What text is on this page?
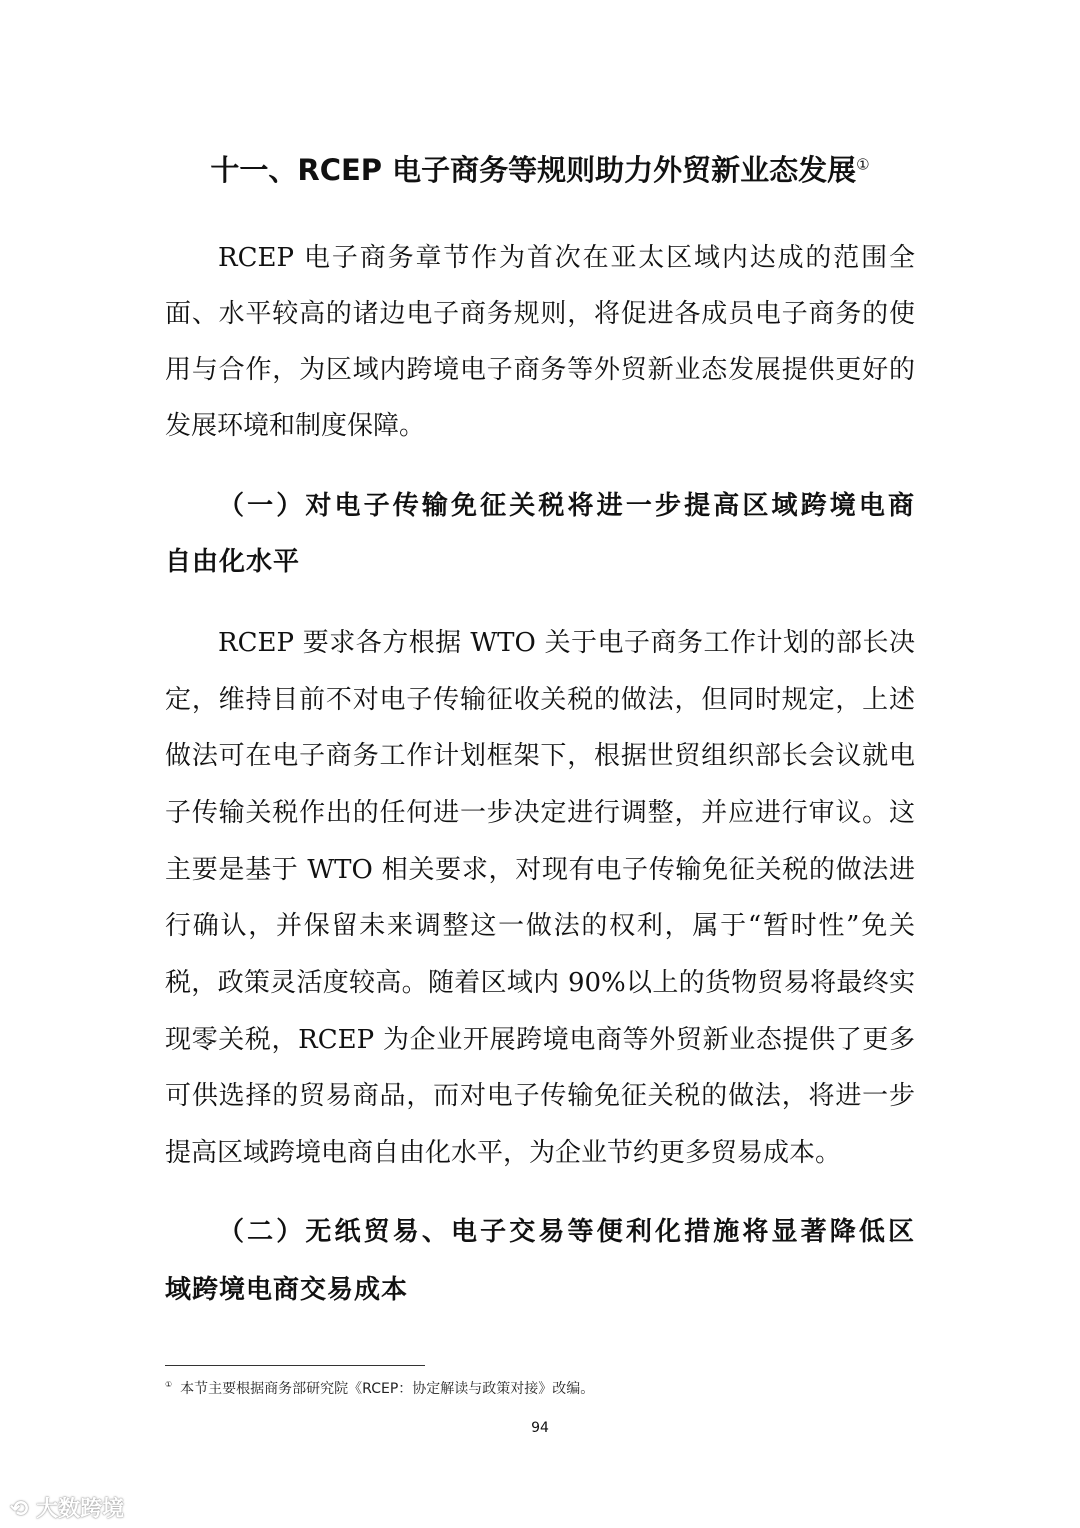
十一、RCEP 电子商务等规则助力外贸新业态发展①
RCEP 电子商务章节作为首次在亚太区域内达成的范围全
面、水平较高的诸边电子商务规则，将促进各成员电子商务的使
用与合作，为区域内跨境电子商务等外贸新业态发展提供更好的
发展环境和制度保障。
（一）对电子传输免征关税将进一步提高区域跨境电商
自由化水平
RCEP 要求各方根据 WTO 关于电子商务工作计划的部长决
定，维持目前不对电子传输征收关税的做法，但同时规定，上述
做法可在电子商务工作计划框架下，根据世贸组织部长会议就电
子传输关税作出的任何进一步决定进行调整，并应进行审议。这
主要是基于 WTO 相关要求，对现有电子传输免征关税的做法进
行确认，并保留未来调整这一做法的权利，属于“暂时性”免关
税，政策灵活度较高。随着区域内 90%以上的货物贸易将最终实
现零关税，RCEP 为企业开展跨境电商等外贸新业态提供了更多
可供选择的贸易商品，而对电子传输免征关税的做法，将进一步
提高区域跨境电商自由化水平，为企业节约更多贸易成本。
（二）无纸贸易、电子交易等便利化措施将显著降低区
域跨境电商交易成本
① 本节主要根据商务部研究院《RCEP：协定解读与政策对接》改编。
94
⟲ 大数跨境
